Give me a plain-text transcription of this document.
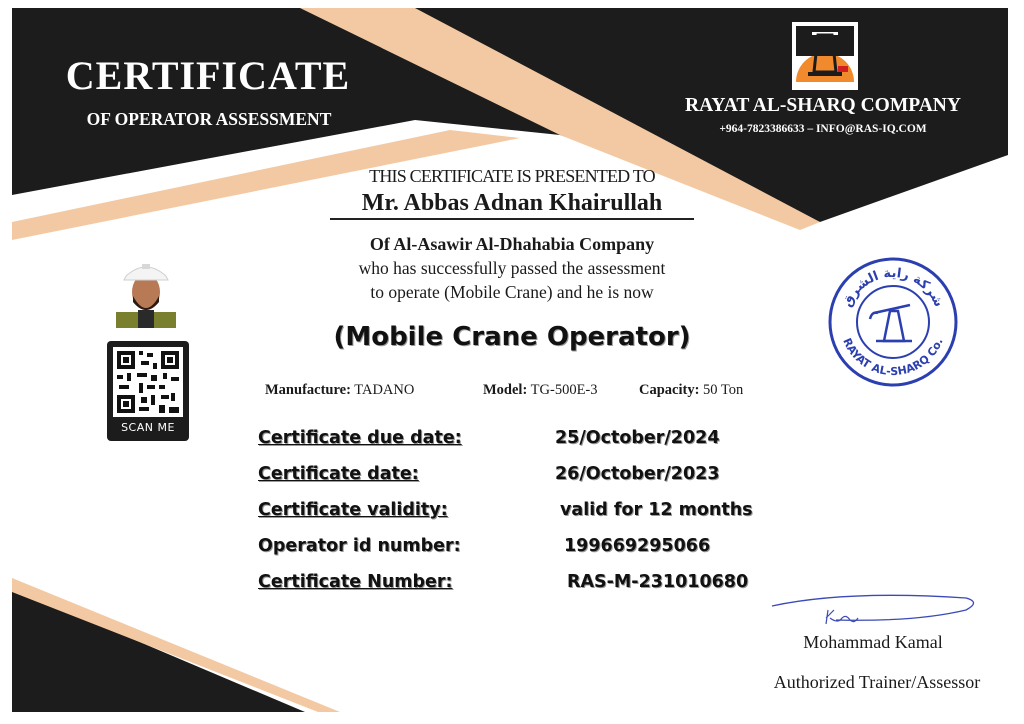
CERTIFICATE
OF OPERATOR ASSESSMENT
RAYAT AL-SHARQ COMPANY
+964-7823386633 – INFO@RAS-IQ.COM
THIS CERTIFICATE IS PRESENTED TO
Mr. Abbas Adnan Khairullah
Of Al-Asawir Al-Dhahabia Company
who has successfully passed the assessment
to operate (Mobile Crane) and he is now
(Mobile Crane Operator)
Manufacture: TADANO	Model: TG-500E-3	Capacity: 50 Ton
Certificate due date:	25/October/2024
Certificate date:	26/October/2023
Certificate validity:	valid for 12 months
Operator id number:	199669295066
Certificate Number:	RAS-M-231010680
SCAN ME
شركة راية الشرق
RAYAT AL-SHARQ Co.
Mohammad Kamal
Authorized Trainer/Assessor
